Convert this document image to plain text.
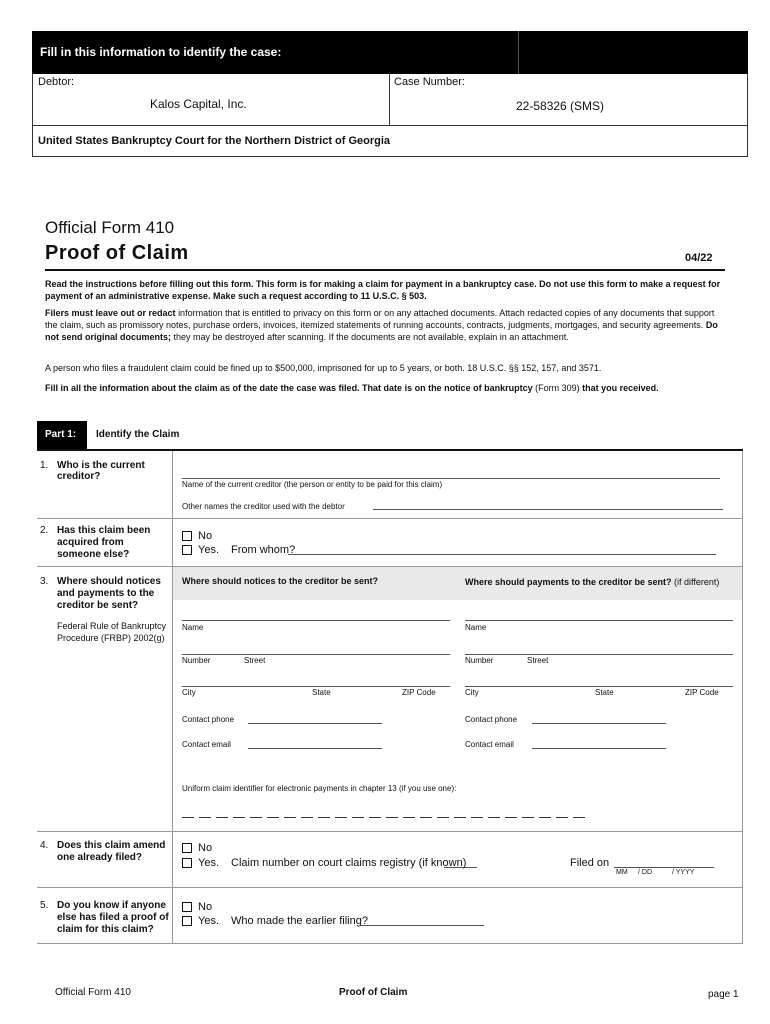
Fill in this information to identify the case:
Debtor:
Kalos Capital, Inc.
Case Number:
22-58326 (SMS)
United States Bankruptcy Court for the Northern District of Georgia
Official Form 410
Proof of Claim	04/22
Read the instructions before filling out this form. This form is for making a claim for payment in a bankruptcy case. Do not use this form to make a request for payment of an administrative expense. Make such a request according to 11 U.S.C. § 503.
Filers must leave out or redact information that is entitled to privacy on this form or on any attached documents. Attach redacted copies of any documents that support the claim, such as promissory notes, purchase orders, invoices, itemized statements of running accounts, contracts, judgments, mortgages, and security agreements. Do not send original documents; they may be destroyed after scanning. If the documents are not available, explain in an attachment.
A person who files a fraudulent claim could be fined up to $500,000, imprisoned for up to 5 years, or both. 18 U.S.C. §§ 152, 157, and 3571.
Fill in all the information about the claim as of the date the case was filed. That date is on the notice of bankruptcy (Form 309) that you received.
Part 1: Identify the Claim
1. Who is the current creditor?
Name of the current creditor (the person or entity to be paid for this claim)
Other names the creditor used with the debtor
2. Has this claim been acquired from someone else?
No
Yes. From whom?
3. Where should notices and payments to the creditor be sent?
Federal Rule of Bankruptcy Procedure (FRBP) 2002(g)
Where should notices to the creditor be sent?	Where should payments to the creditor be sent? (if different)
Name
Number	Street
City	State	ZIP Code
Contact phone
Contact email
Name
Number	Street
City	State	ZIP Code
Contact phone
Contact email
Uniform claim identifier for electronic payments in chapter 13 (if you use one):
4. Does this claim amend one already filed?
No
Yes. Claim number on court claims registry (if known)	Filed on
MM / DD	/ YYYY
5. Do you know if anyone else has filed a proof of claim for this claim?
No
Yes. Who made the earlier filing?
Official Form 410	Proof of Claim	page 1
